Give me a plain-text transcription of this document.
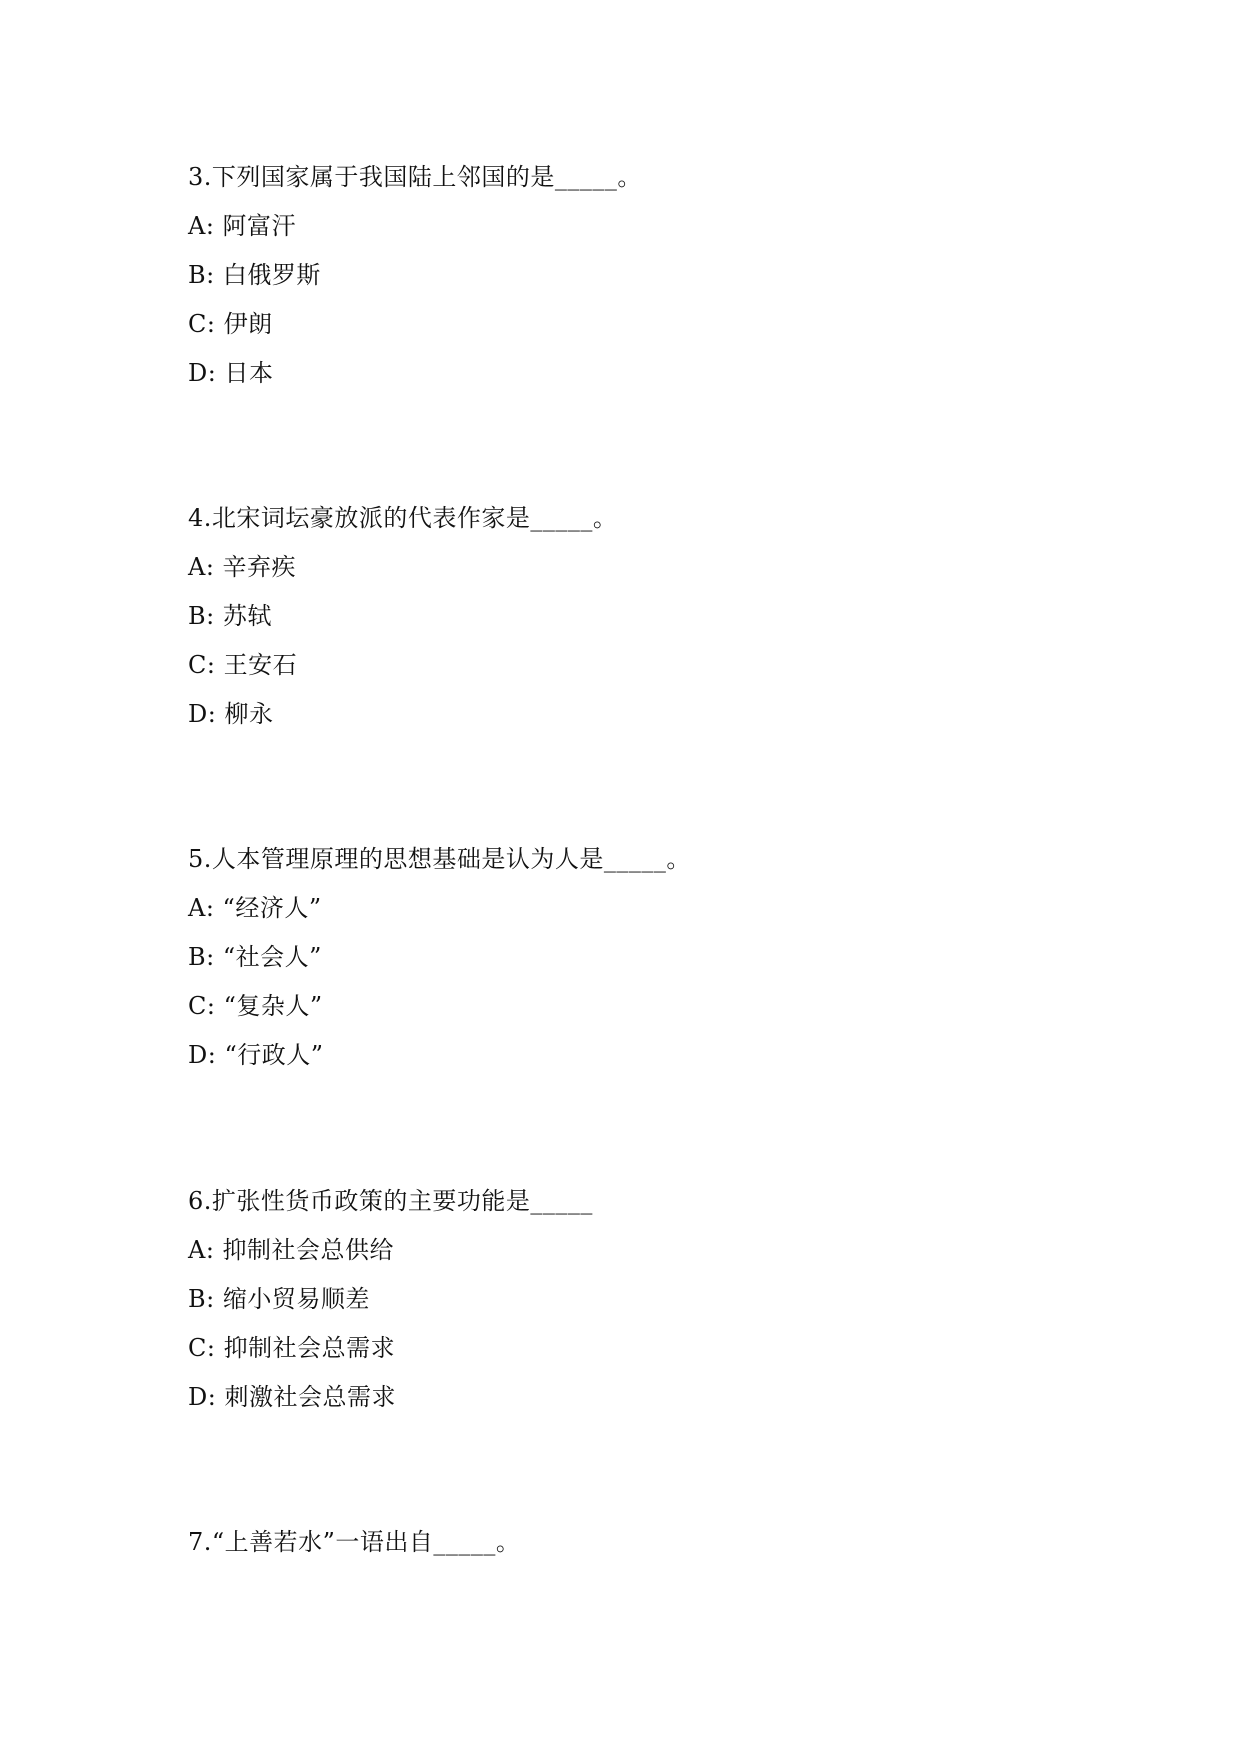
3.下列国家属于我国陆上邻国的是_____。
A: 阿富汗
B: 白俄罗斯
C: 伊朗
D: 日本
4.北宋词坛豪放派的代表作家是_____。
A: 辛弃疾
B: 苏轼
C: 王安石
D: 柳永
5.人本管理原理的思想基础是认为人是_____。
A: “经济人”
B: “社会人”
C: “复杂人”
D: “行政人”
6.扩张性货币政策的主要功能是_____
A: 抑制社会总供给
B: 缩小贸易顺差
C: 抑制社会总需求
D: 刺激社会总需求
7.“上善若水”一语出自_____。
